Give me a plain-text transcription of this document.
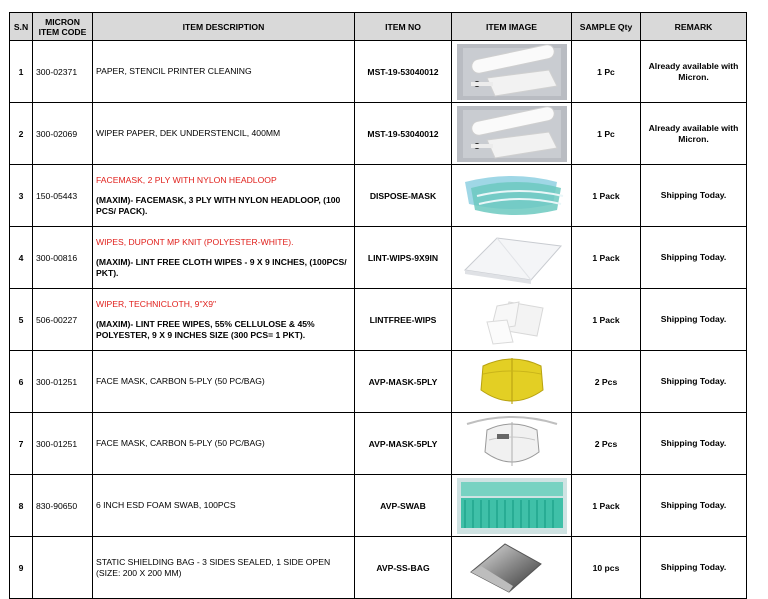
S.N	MICRON ITEM CODE	ITEM DESCRIPTION	ITEM NO	ITEM IMAGE	SAMPLE Qty	REMARK
1	300-02371	PAPER, STENCIL PRINTER CLEANING	MST-19-53040012		1 Pc	Already available with Micron.
2	300-02069	WIPER PAPER, DEK UNDERSTENCIL, 400MM	MST-19-53040012		1 Pc	Already available with Micron.
3	150-05443	FACEMASK, 2 PLY WITH NYLON HEADLOOP
(MAXIM)- FACEMASK, 3 PLY WITH NYLON HEADLOOP, (100 PCS/ PACK).	DISPOSE-MASK		1 Pack	Shipping Today.
4	300-00816	WIPES, DUPONT MP KNIT (POLYESTER-WHITE).
(MAXIM)- LINT FREE CLOTH WIPES - 9 X 9 INCHES, (100PCS/ PKT).	LINT-WIPS-9X9IN		1 Pack	Shipping Today.
5	506-00227	WIPER, TECHNICLOTH, 9"X9"
(MAXIM)- LINT FREE WIPES, 55% CELLULOSE & 45% POLYESTER, 9 X 9 INCHES SIZE (300 PCS= 1 PKT).	LINTFREE-WIPS		1 Pack	Shipping Today.
6	300-01251	FACE MASK, CARBON 5-PLY (50 PC/BAG)	AVP-MASK-5PLY		2 Pcs	Shipping Today.
7	300-01251	FACE MASK, CARBON 5-PLY (50 PC/BAG)	AVP-MASK-5PLY		2 Pcs	Shipping Today.
8	830-90650	6 INCH ESD FOAM SWAB, 100PCS	AVP-SWAB		1 Pack	Shipping Today.
9		STATIC SHIELDING BAG - 3 SIDES SEALED, 1 SIDE OPEN (SIZE: 200 X 200 MM)	AVP-SS-BAG		10 pcs	Shipping Today.
